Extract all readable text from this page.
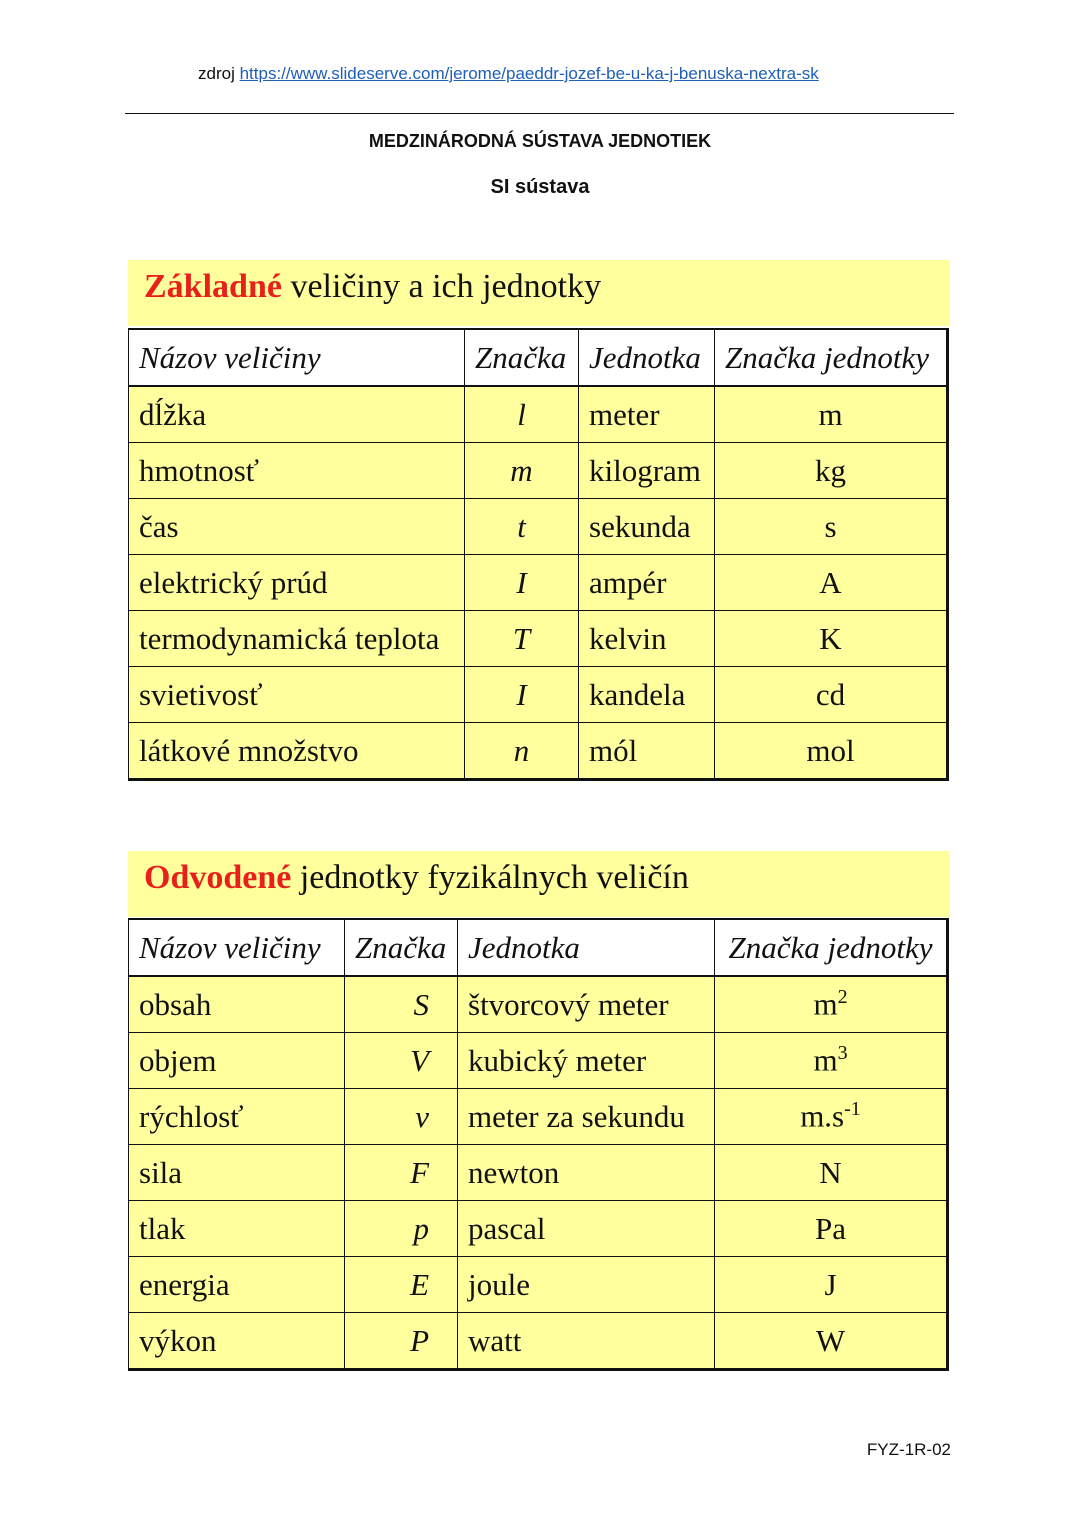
zdroj https://www.slideserve.com/jerome/paeddr-jozef-be-u-ka-j-benuska-nextra-sk
MEDZINÁRODNÁ SÚSTAVA JEDNOTIEK
SI sústava
Základné veličiny a ich jednotky
Názov veličiny	Značka	Jednotka	Značka jednotky
dĺžka	l	meter	m
hmotnosť	m	kilogram	kg
čas	t	sekunda	s
elektrický prúd	I	ampér	A
termodynamická teplota	T	kelvin	K
svietivosť	I	kandela	cd
látkové množstvo	n	mól	mol
Odvodené jednotky fyzikálnych veličín
Názov veličiny	Značka	Jednotka	Značka jednotky
obsah	S	štvorcový meter	$m^2$
objem	V	kubický meter	$m^3$
rýchlosť	v	meter za sekundu	$m.s^{-1}$
sila	F	newton	N
tlak	p	pascal	Pa
energia	E	joule	J
výkon	P	watt	W
FYZ-1R-02
